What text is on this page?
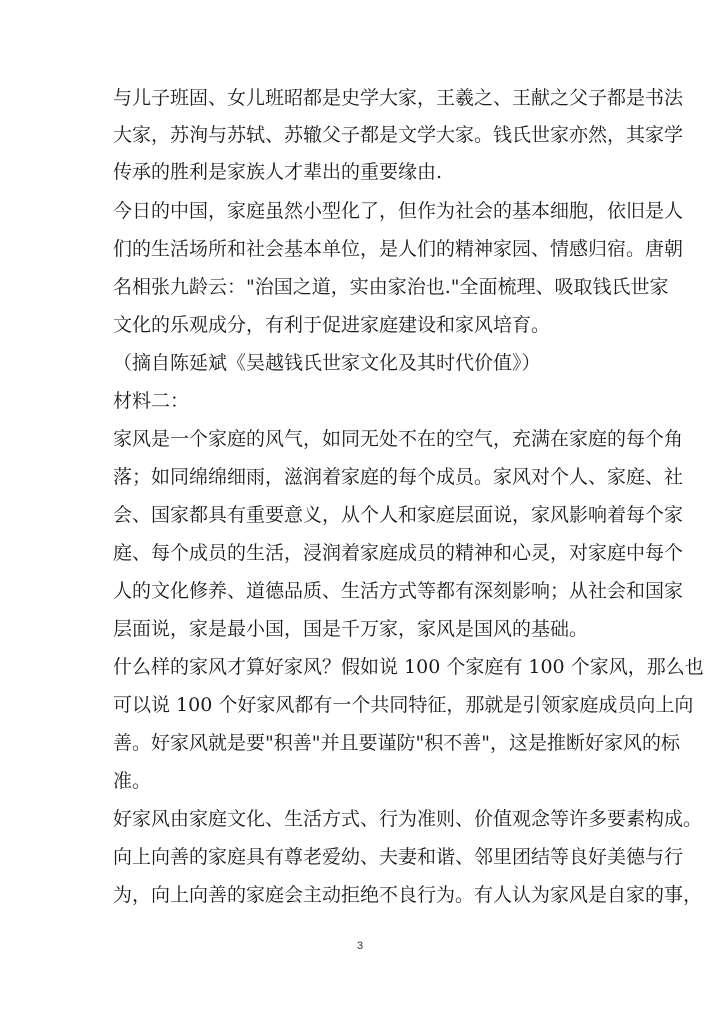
与儿子班固、女儿班昭都是史学大家，王羲之、王献之父子都是书法
大家，苏洵与苏轼、苏辙父子都是文学大家。钱氏世家亦然，其家学
传承的胜利是家族人才辈出的重要缘由.
今日的中国，家庭虽然小型化了，但作为社会的基本细胞，依旧是人
们的生活场所和社会基本单位，是人们的精神家园、情感归宿。唐朝
名相张九龄云："治国之道，实由家治也."全面梳理、吸取钱氏世家
文化的乐观成分，有利于促进家庭建设和家风培育。
（摘自陈延斌《吴越钱氏世家文化及其时代价值》）
材料二：
家风是一个家庭的风气，如同无处不在的空气，充满在家庭的每个角
落；如同绵绵细雨，滋润着家庭的每个成员。家风对个人、家庭、社
会、国家都具有重要意义，从个人和家庭层面说，家风影响着每个家
庭、每个成员的生活，浸润着家庭成员的精神和心灵，对家庭中每个
人的文化修养、道德品质、生活方式等都有深刻影响；从社会和国家
层面说，家是最小国，国是千万家，家风是国风的基础。
什么样的家风才算好家风？假如说 100 个家庭有 100 个家风，那么也
可以说 100 个好家风都有一个共同特征，那就是引领家庭成员向上向
善。好家风就是要"积善"并且要谨防"积不善"，这是推断好家风的标
准。
好家风由家庭文化、生活方式、行为准则、价值观念等许多要素构成。
向上向善的家庭具有尊老爱幼、夫妻和谐、邻里团结等良好美德与行
为，向上向善的家庭会主动拒绝不良行为。有人认为家风是自家的事，
3
